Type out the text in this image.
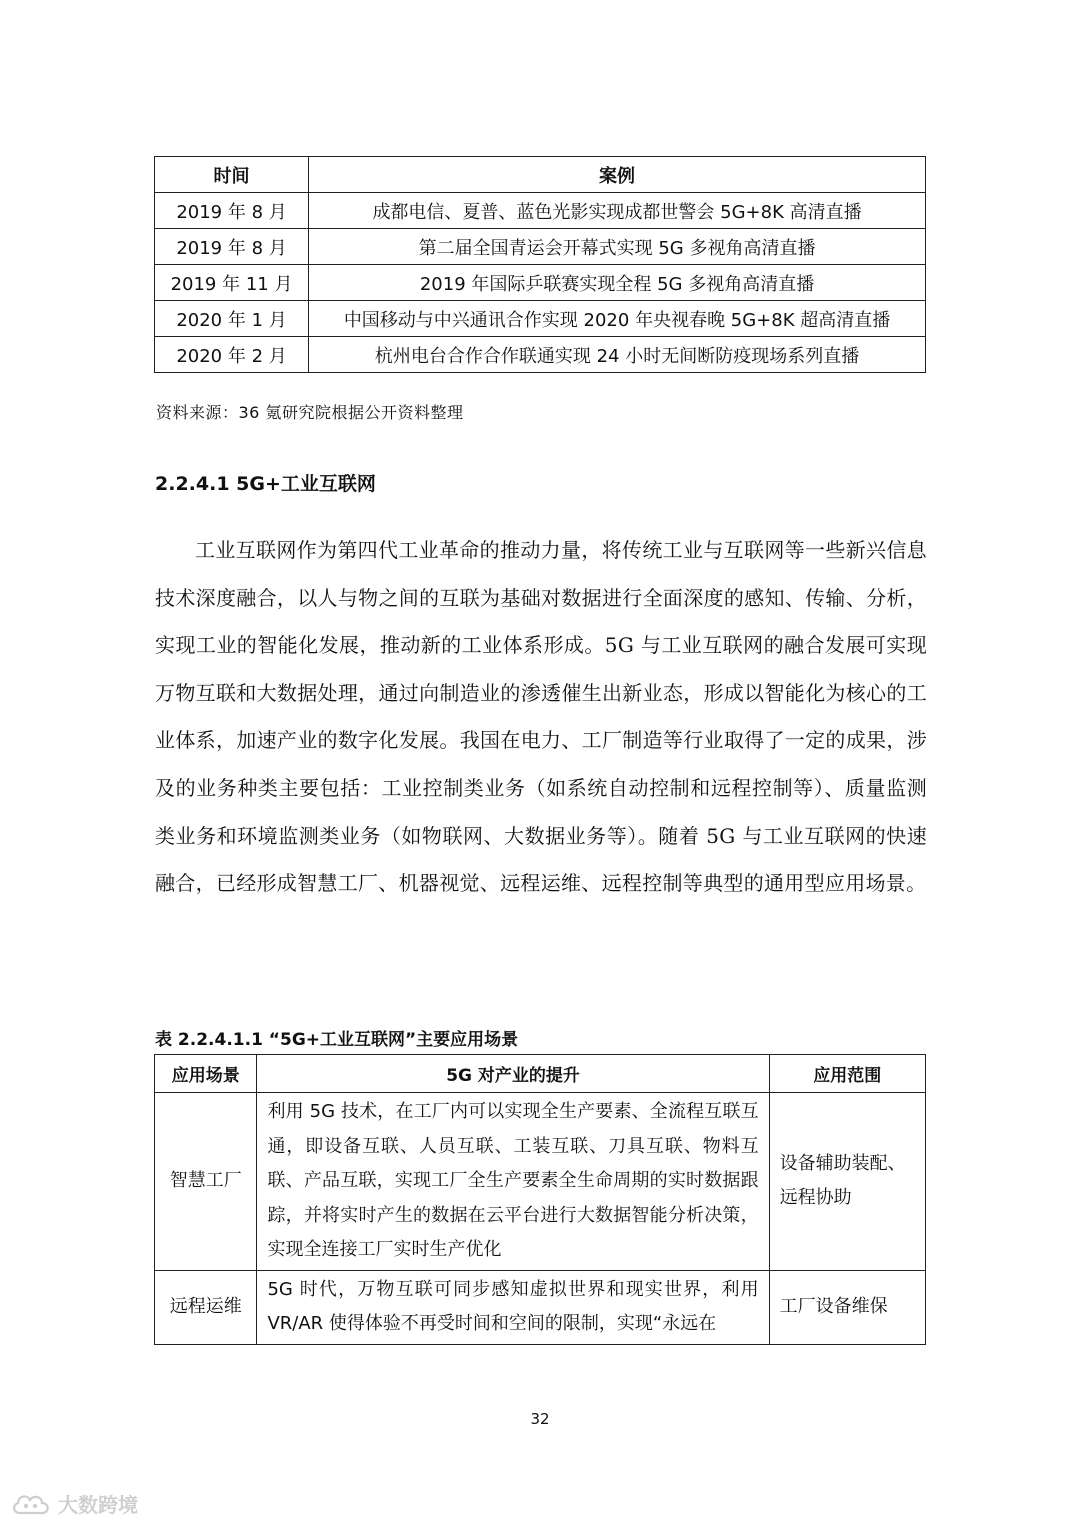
时间	案例
2019 年 8 月	成都电信、夏普、蓝色光影实现成都世警会 5G+8K 高清直播
2019 年 8 月	第二届全国青运会开幕式实现 5G 多视角高清直播
2019 年 11 月	2019 年国际乒联赛实现全程 5G 多视角高清直播
2020 年 1 月	中国移动与中兴通讯合作实现 2020 年央视春晚 5G+8K 超高清直播
2020 年 2 月	杭州电台合作合作联通实现 24 小时无间断防疫现场系列直播
资料来源：36 氪研究院根据公开资料整理
2.2.4.1 5G+工业互联网
工业互联网作为第四代工业革命的推动力量，将传统工业与互联网等一些新兴信息技术深度融合，以人与物之间的互联为基础对数据进行全面深度的感知、传输、分析，实现工业的智能化发展，推动新的工业体系形成。5G 与工业互联网的融合发展可实现万物互联和大数据处理，通过向制造业的渗透催生出新业态，形成以智能化为核心的工业体系，加速产业的数字化发展。我国在电力、工厂制造等行业取得了一定的成果，涉及的业务种类主要包括：工业控制类业务（如系统自动控制和远程控制等）、质量监测类业务和环境监测类业务（如物联网、大数据业务等）。随着 5G 与工业互联网的快速融合，已经形成智慧工厂、机器视觉、远程运维、远程控制等典型的通用型应用场景。
表 2.2.4.1.1 “5G+工业互联网”主要应用场景
应用场景	5G 对产业的提升	应用范围
智慧工厂	利用 5G 技术，在工厂内可以实现全生产要素、全流程互联互通，即设备互联、人员互联、工装互联、刀具互联、物料互联、产品互联，实现工厂全生产要素全生命周期的实时数据跟踪，并将实时产生的数据在云平台进行大数据智能分析决策，实现全连接工厂实时生产优化	设备辅助装配、远程协助
远程运维	5G 时代，万物互联可同步感知虚拟世界和现实世界，利用 VR/AR 使得体验不再受时间和空间的限制，实现“永远在	工厂设备维保
32
大数跨境
